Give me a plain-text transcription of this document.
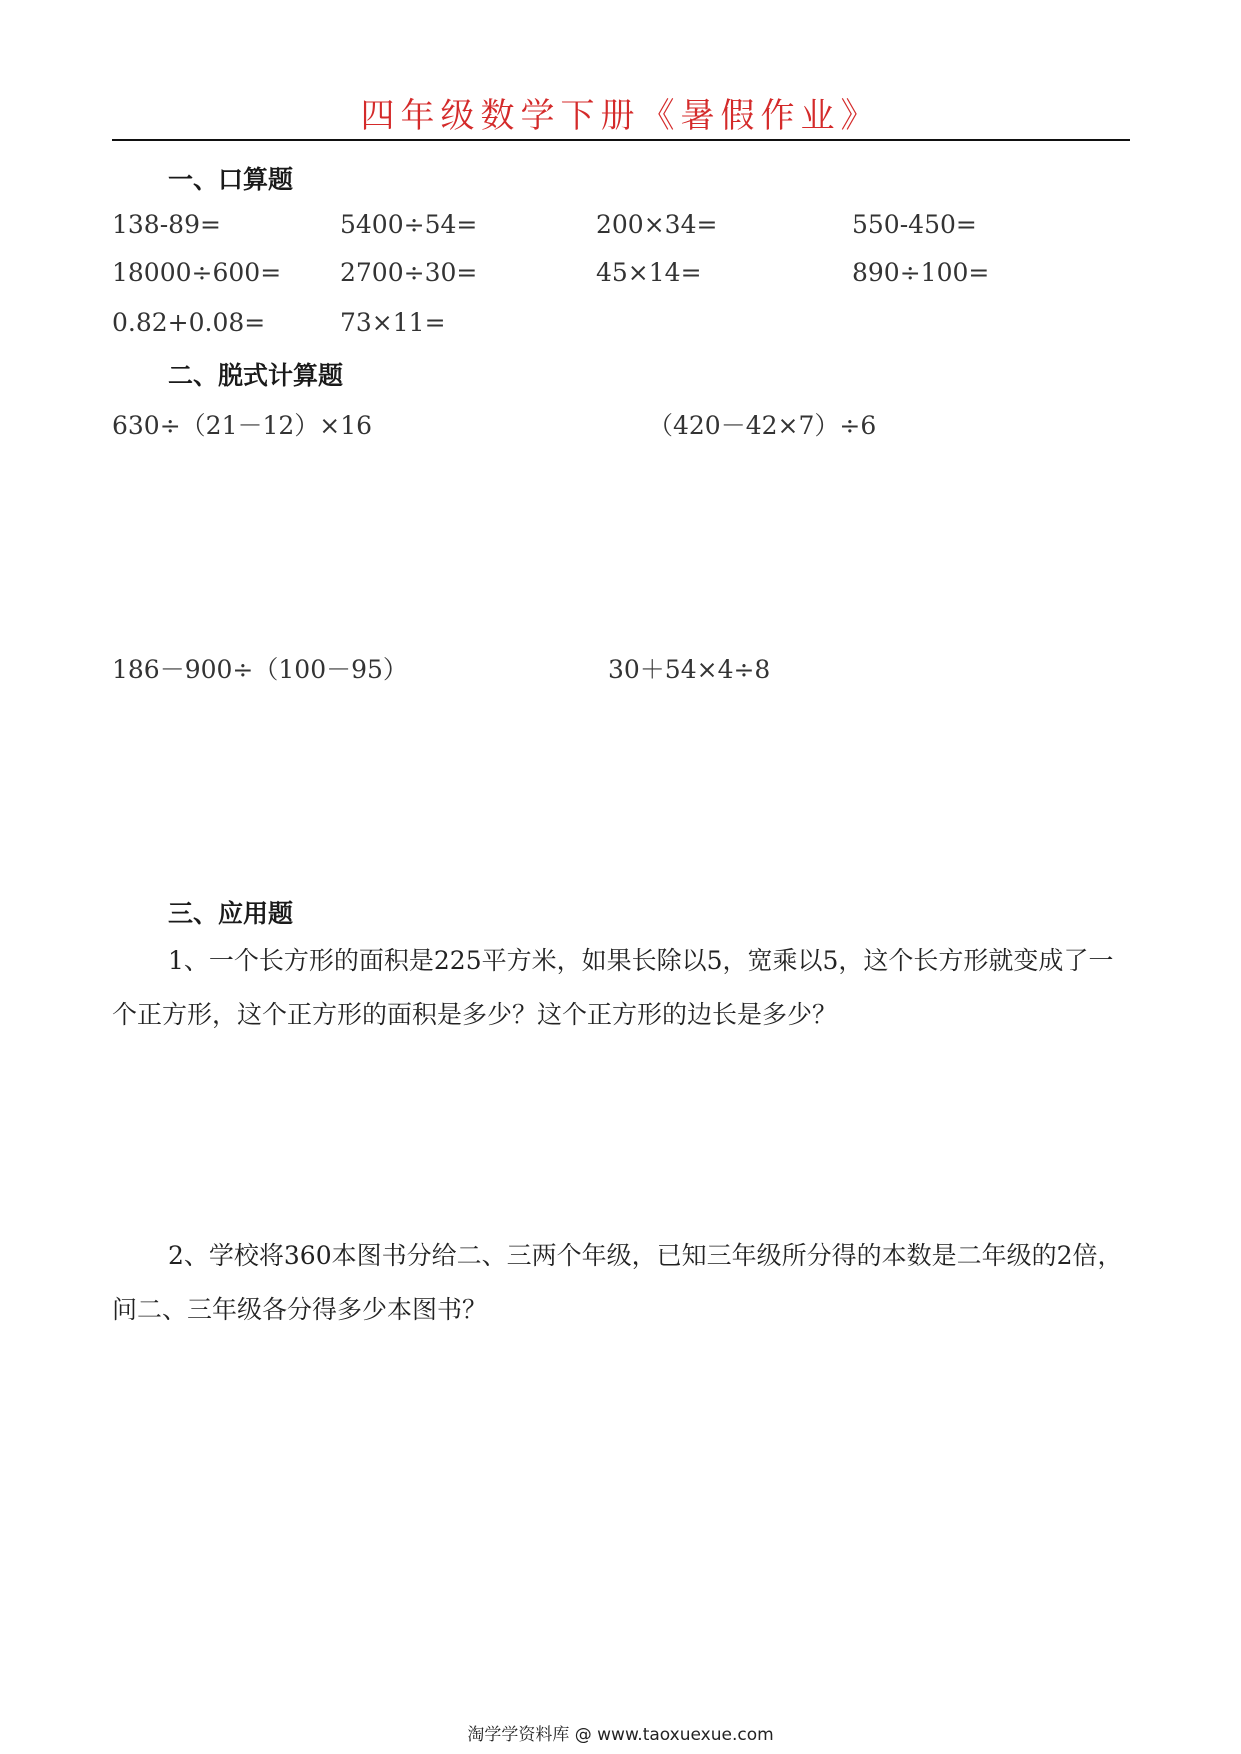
四年级数学下册《暑假作业》
一、口算题
138-89=	5400÷54=	200×34=	550-450=
18000÷600= 2700÷30=	45×14=	890÷100=
0.82+0.08=	73×11=
二、脱式计算题
630÷（21－12）×16	（420－42×7）÷6
186－900÷（100－95）	30＋54×4÷8
三、应用题
1、一个长方形的面积是225平方米，如果长除以5，宽乘以5，这个长方形就变成了一个正方形，这个正方形的面积是多少？这个正方形的边长是多少？
2、学校将360本图书分给二、三两个年级，已知三年级所分得的本数是二年级的2倍，问二、三年级各分得多少本图书？
淘学学资料库 @ www.taoxuexue.com
